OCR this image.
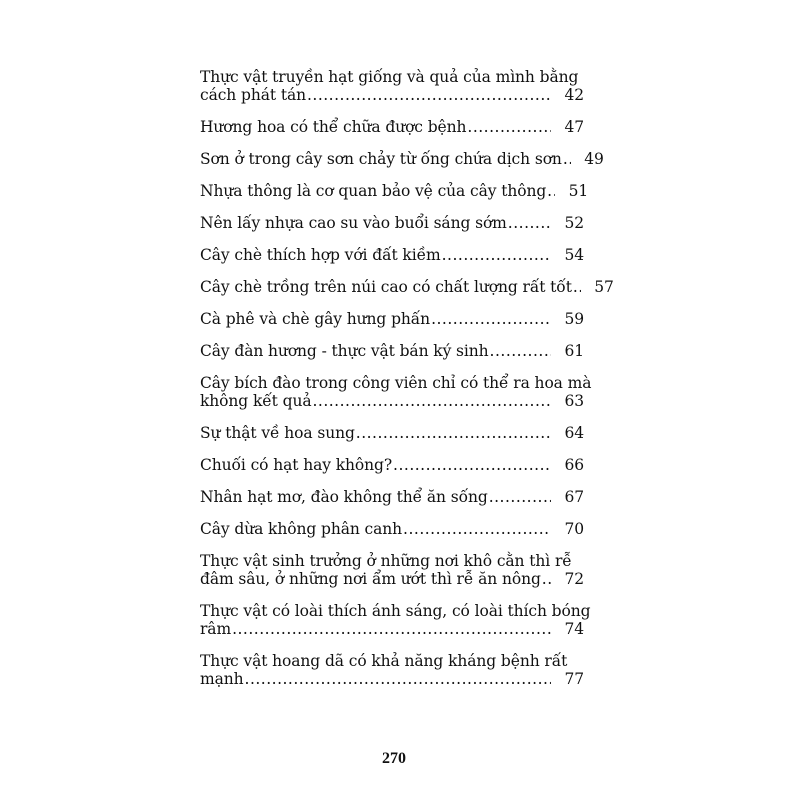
Thực vật truyền hạt giống và quả của mình bằng
cách phát tán .....	42
Hương hoa có thể chữa được bệnh .....	47
Sơn ở trong cây sơn chảy từ ống chứa dịch sơn .....	49
Nhựa thông là cơ quan bảo vệ của cây thông .....	51
Nên lấy nhựa cao su vào buổi sáng sớm .....	52
Cây chè thích hợp với đất kiềm .....	54
Cây chè trồng trên núi cao có chất lượng rất tốt .....	57
Cà phê và chè gây hưng phấn .....	59
Cây đàn hương - thực vật bán ký sinh .....	61
Cây bích đào trong công viên chỉ có thể ra hoa mà
không kết quả .....	63
Sự thật về hoa sung .....	64
Chuối có hạt hay không? .....	66
Nhân hạt mơ, đào không thể ăn sống .....	67
Cây dừa không phân canh .....	70
Thực vật sinh trưởng ở những nơi khô cằn thì rễ
đâm sâu, ở những nơi ẩm ướt thì rễ ăn nông .....	72
Thực vật có loài thích ánh sáng, có loài thích bóng
râm .....	74
Thực vật hoang dã có khả năng kháng bệnh rất
mạnh .....	77
270
